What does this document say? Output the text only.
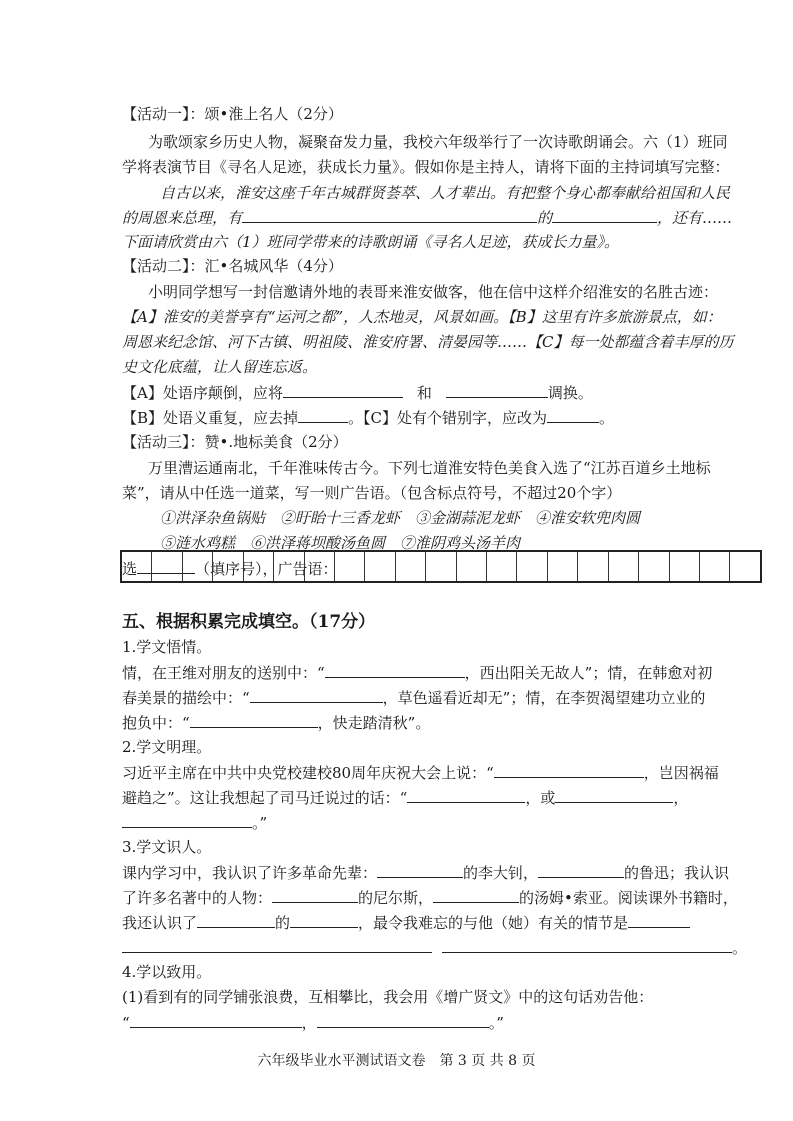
【活动一】：颂•淮上名人（2分）
为歌颂家乡历史人物，凝聚奋发力量，我校六年级举行了一次诗歌朗诵会。六（1）班同
学将表演节目《寻名人足迹，获成长力量》。假如你是主持人，请将下面的主持词填写完整：
自古以来，淮安这座千年古城群贤荟萃、人才辈出。有把整个身心都奉献给祖国和人民
的周恩来总理，有	的	，还有……
下面请欣赏由六（1）班同学带来的诗歌朗诵《寻名人足迹，获成长力量》。
【活动二】：汇•名城风华（4分）
小明同学想写一封信邀请外地的表哥来淮安做客，他在信中这样介绍淮安的名胜古迹：
【A】淮安的美誉享有“运河之都”，人杰地灵，风景如画。【B】这里有许多旅游景点，如：
周恩来纪念馆、河下古镇、明祖陵、淮安府署、清晏园等……【C】每一处都蕴含着丰厚的历
史文化底蕴，让人留连忘返。
【A】处语序颠倒，应将	和	调换。
【B】处语义重复，应去掉	。【C】处有个错别字，应改为	。
【活动三】：赞•.地标美食（2分）
万里漕运通南北，千年淮味传古今。下列七道淮安特色美食入选了“江苏百道乡土地标
菜”，请从中任选一道菜，写一则广告语。（包含标点符号，不超过20个字）
①洪泽杂鱼锅贴　②盱眙十三香龙虾　③金湖蒜泥龙虾　④淮安软兜肉圆
⑤涟水鸡糕　⑥洪泽蒋坝酸汤鱼圆　⑦淮阴鸡头汤羊肉
选	（填序号），广告语：
五、根据积累完成填空。（17分）
1.学文悟情。
情，在王维对朋友的送别中：“	，西出阳关无故人”；情，在韩愈对初
春美景的描绘中：“	，草色遥看近却无”；情，在李贺渴望建功立业的
抱负中：“	，快走踏清秋”。
2.学文明理。
习近平主席在中共中央党校建校80周年庆祝大会上说：“	，岂因祸福
避趋之”。这让我想起了司马迁说过的话：“	，或	，
。”
3.学文识人。
课内学习中，我认识了许多革命先辈：	的李大钊，	的鲁迅；我认识
了许多名著中的人物：	的尼尔斯，	的汤姆•索亚。阅读课外书籍时，
我还认识了	的	，最令我难忘的与他（她）有关的情节是
。
4.学以致用。
(1)看到有的同学铺张浪费，互相攀比，我会用《增广贤文》中的这句话劝告他：
“	，	。”
六年级毕业水平测试语文卷　第 3 页 共 8 页
